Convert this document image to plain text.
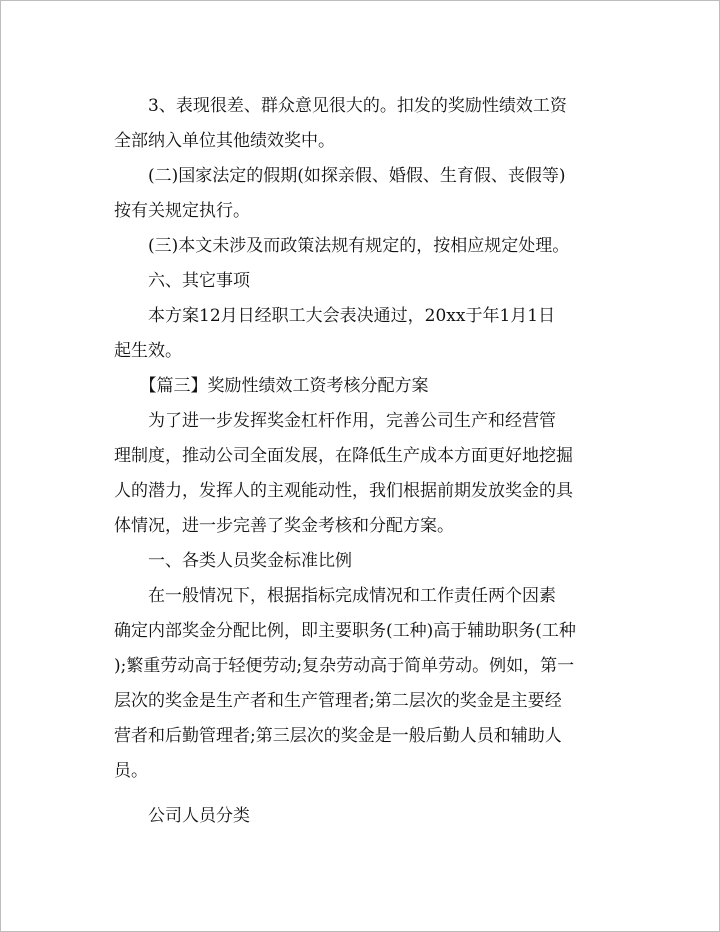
　　3、表现很差、群众意见很大的。扣发的奖励性绩效工资
全部纳入单位其他绩效奖中。
　　(二)国家法定的假期(如探亲假、婚假、生育假、丧假等)
按有关规定执行。
　　(三)本文未涉及而政策法规有规定的，按相应规定处理。
　　六、其它事项
　　本方案12月日经职工大会表决通过，20xx于年1月1日
起生效。
　　【篇三】奖励性绩效工资考核分配方案
　　为了进一步发挥奖金杠杆作用，完善公司生产和经营管
理制度，推动公司全面发展，在降低生产成本方面更好地挖掘
人的潜力，发挥人的主观能动性，我们根据前期发放奖金的具
体情况，进一步完善了奖金考核和分配方案。
　　一、各类人员奖金标准比例
　　在一般情况下，根据指标完成情况和工作责任两个因素
确定内部奖金分配比例，即主要职务(工种)高于辅助职务(工种
);繁重劳动高于轻便劳动;复杂劳动高于简单劳动。例如，第一
层次的奖金是生产者和生产管理者;第二层次的奖金是主要经
营者和后勤管理者;第三层次的奖金是一般后勤人员和辅助人
员。
　　公司人员分类
